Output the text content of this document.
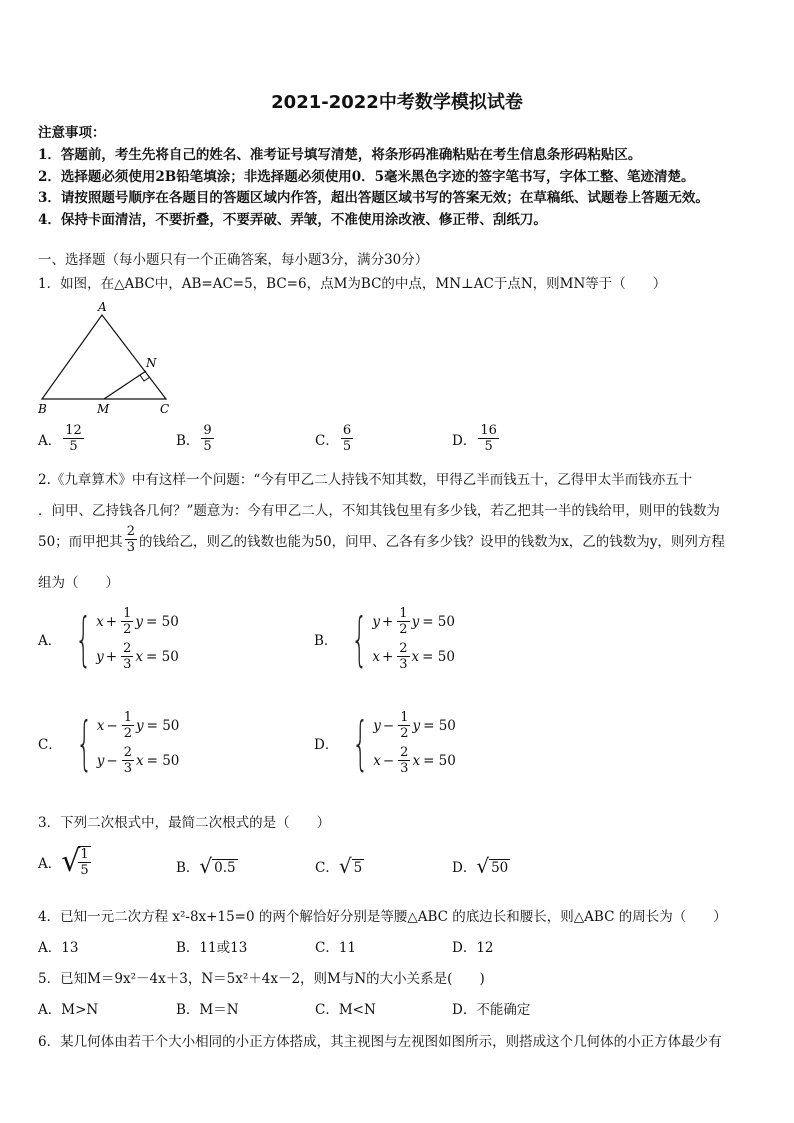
2021-2022中考数学模拟试卷
注意事项：
1．答题前，考生先将自己的姓名、准考证号填写清楚，将条形码准确粘贴在考生信息条形码粘贴区。
2．选择题必须使用2B铅笔填涂；非选择题必须使用0．5毫米黑色字迹的签字笔书写，字体工整、笔迹清楚。
3．请按照题号顺序在各题目的答题区域内作答，超出答题区域书写的答案无效；在草稿纸、试题卷上答题无效。
4．保持卡面清洁，不要折叠，不要弄破、弄皱，不准使用涂改液、修正带、刮纸刀。
一、选择题（每小题只有一个正确答案，每小题3分，满分30分）
1．如图，在△ABC中，AB=AC=5，BC=6，点M为BC的中点，MN⊥AC于点N，则MN等于（　　）
A
B	C
M
N
A． $\frac{12}{5}$	B． $\frac{9}{5}$	C． $\frac{6}{5}$	D． $\frac{16}{5}$
2.《九章算术》中有这样一个问题：“今有甲乙二人持钱不知其数，甲得乙半而钱五十，乙得甲太半而钱亦五十
．问甲、乙持钱各几何？”题意为：今有甲乙二人，不知其钱包里有多少钱，若乙把其一半的钱给甲，则甲的钱数为
50；而甲把其 $\frac{2}{3}$ 的钱给乙，则乙的钱数也能为50，问甲、乙各有多少钱？设甲的钱数为x，乙的钱数为y，则列方程
组为（　　）
A． { $x + \frac{1}{2}$ y = 50
$y + \frac{2}{3}$ x = 50
B． { $y + \frac{1}{2}$ y = 50
$x + \frac{2}{3}$ x = 50
C． { $x - \frac{1}{2}$ y = 50
$y - \frac{2}{3}$ x = 50
D． { $y - \frac{1}{2}$ y = 50
$x - \frac{2}{3}$ x = 50
3．下列二次根式中，最简二次根式的是（　　）
A． √
$\frac{1}{5}$	B． √ 0.5	C． √ 5	D． √ 50
4．已知一元二次方程 x²-8x+15=0 的两个解恰好分别是等腰△ABC 的底边长和腰长，则△ABC 的周长为（　　）
A．13	B．11或13	C．11	D．12
5．已知M＝9x²－4x＋3，N＝5x²＋4x－2，则M与N的大小关系是(　　)
A．M>N	B．M＝N	C．M<N	D．不能确定
6．某几何体由若干个大小相同的小正方体搭成，其主视图与左视图如图所示，则搭成这个几何体的小正方体最少有
